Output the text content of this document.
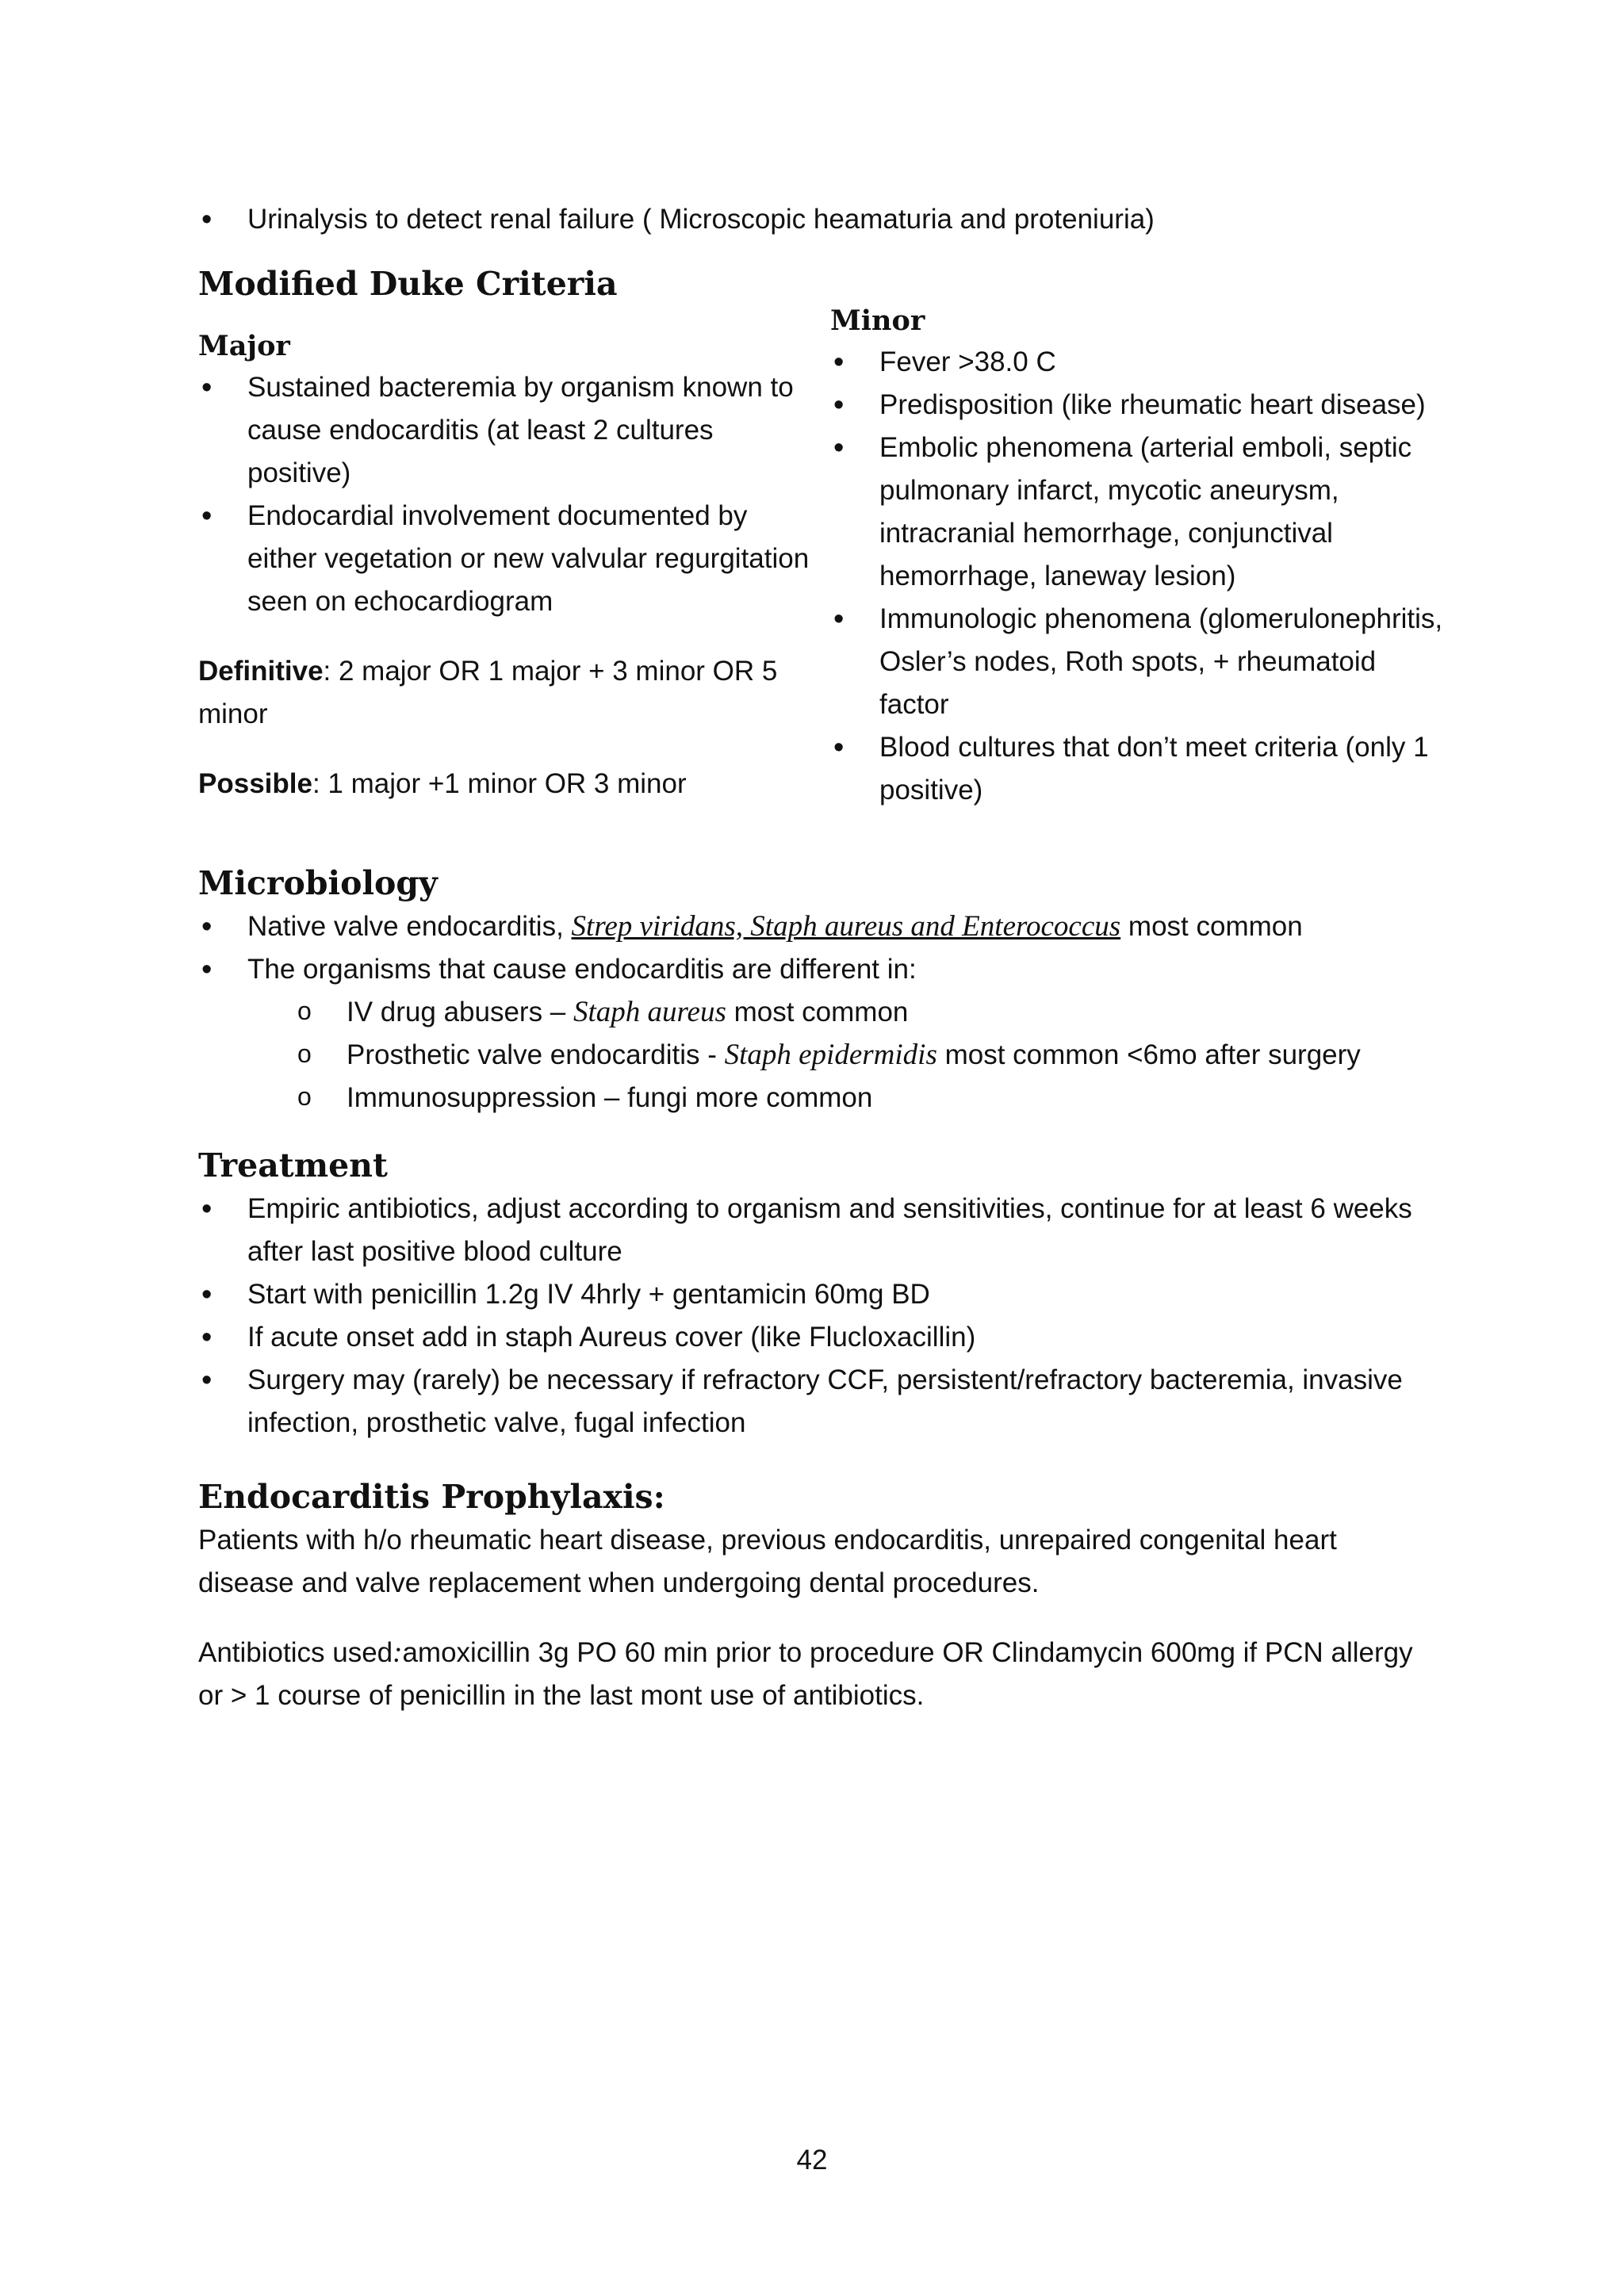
• Urinalysis to detect renal failure ( Microscopic heamaturia and proteniuria)
Modified Duke Criteria
Major
• Sustained bacteremia by organism known to cause endocarditis (at least 2 cultures positive)
• Endocardial involvement documented by either vegetation or new valvular regurgitation seen on echocardiogram

Definitive: 2 major OR 1 major + 3 minor OR 5 minor

Possible: 1 major +1 minor OR 3 minor

Minor
• Fever >38.0 C
• Predisposition (like rheumatic heart disease)
• Embolic phenomena (arterial emboli, septic pulmonary infarct, mycotic aneurysm, intracranial hemorrhage, conjunctival hemorrhage, laneway lesion)
• Immunologic phenomena (glomerulonephritis, Osler’s nodes, Roth spots, + rheumatoid factor
• Blood cultures that don’t meet criteria (only 1 positive)
Microbiology
• Native valve endocarditis, Strep viridans, Staph aureus and Enterococcus most common
• The organisms that cause endocarditis are different in:
o IV drug abusers – Staph aureus most common
o Prosthetic valve endocarditis - Staph epidermidis most common <6mo after surgery
o Immunosuppression – fungi more common
Treatment
• Empiric antibiotics, adjust according to organism and sensitivities, continue for at least 6 weeks after last positive blood culture
• Start with penicillin 1.2g IV 4hrly + gentamicin 60mg BD
• If acute onset add in staph Aureus cover (like Flucloxacillin)
• Surgery may (rarely) be necessary if refractory CCF, persistent/refractory bacteremia, invasive infection, prosthetic valve, fugal infection
Endocarditis Prophylaxis:

Patients with h/o rheumatic heart disease, previous endocarditis, unrepaired congenital heart disease and valve replacement when undergoing dental procedures.

Antibiotics used:amoxicillin 3g PO 60 min prior to procedure OR Clindamycin 600mg if PCN allergy or > 1 course of penicillin in the last mont use of antibiotics.

42
